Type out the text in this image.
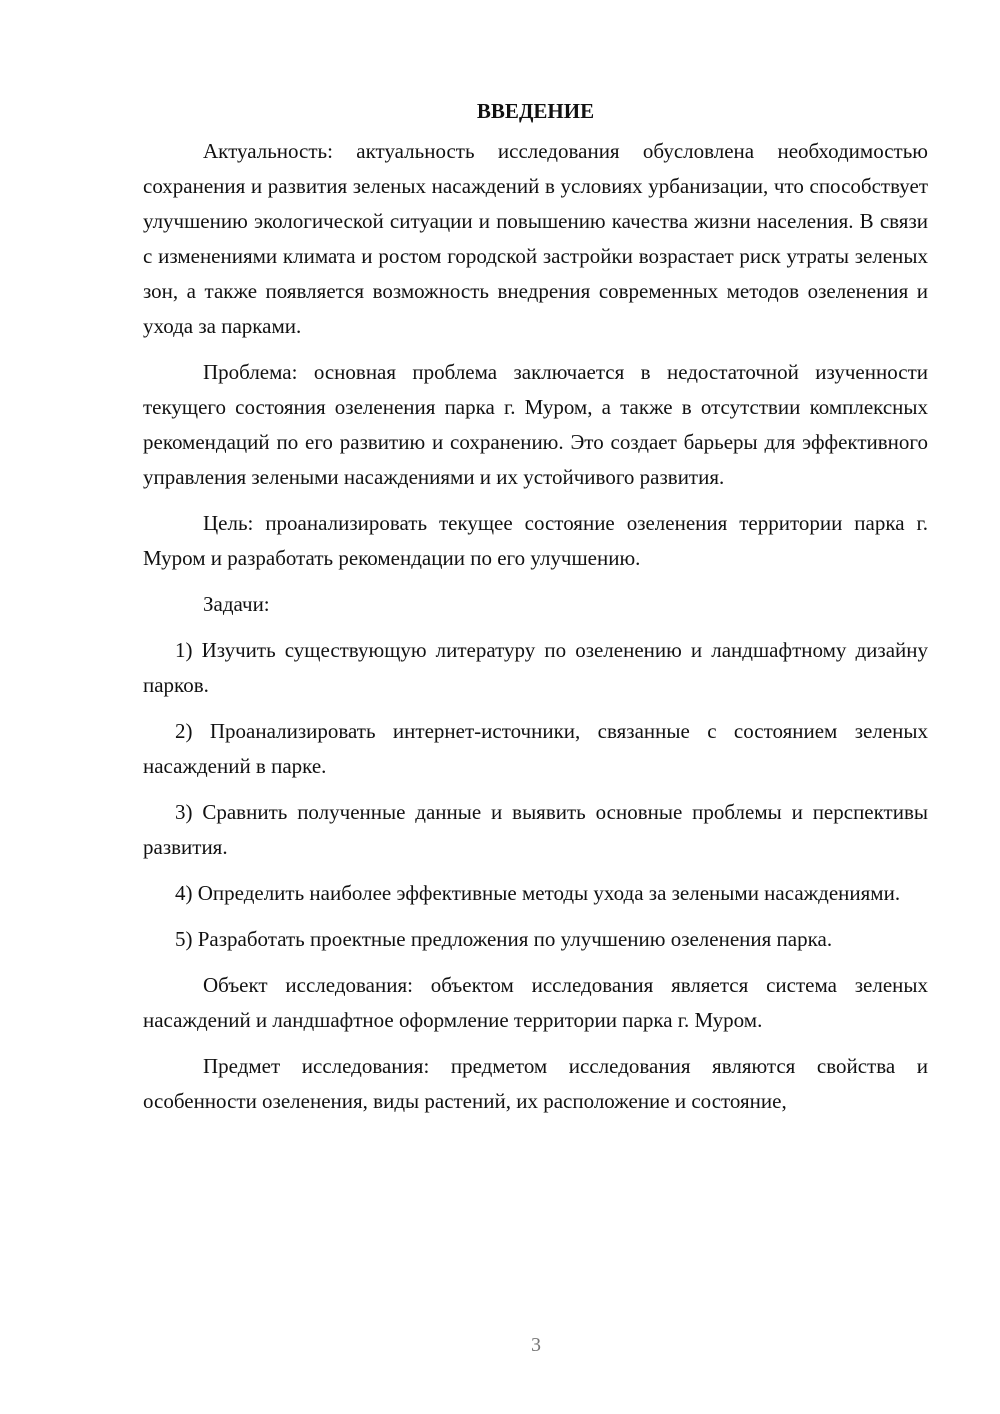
ВВЕДЕНИЕ

Актуальность: актуальность исследования обусловлена необходимостью сохранения и развития зеленых насаждений в условиях урбанизации, что способствует улучшению экологической ситуации и повышению качества жизни населения. В связи с изменениями климата и ростом городской застройки возрастает риск утраты зеленых зон, а также появляется возможность внедрения современных методов озеленения и ухода за парками.

Проблема: основная проблема заключается в недостаточной изученности текущего состояния озеленения парка г. Муром, а также в отсутствии комплексных рекомендаций по его развитию и сохранению. Это создает барьеры для эффективного управления зелеными насаждениями и их устойчивого развития.

Цель: проанализировать текущее состояние озеленения территории парка г. Муром и разработать рекомендации по его улучшению.

Задачи:

1) Изучить существующую литературу по озеленению и ландшафтному дизайну парков.

2) Проанализировать интернет-источники, связанные с состоянием зеленых насаждений в парке.

3) Сравнить полученные данные и выявить основные проблемы и перспективы развития.

4) Определить наиболее эффективные методы ухода за зелеными насаждениями.

5) Разработать проектные предложения по улучшению озеленения парка.

Объект исследования: объектом исследования является система зеленых насаждений и ландшафтное оформление территории парка г. Муром.

Предмет исследования: предметом исследования являются свойства и особенности озеленения, виды растений, их расположение и состояние,

3
